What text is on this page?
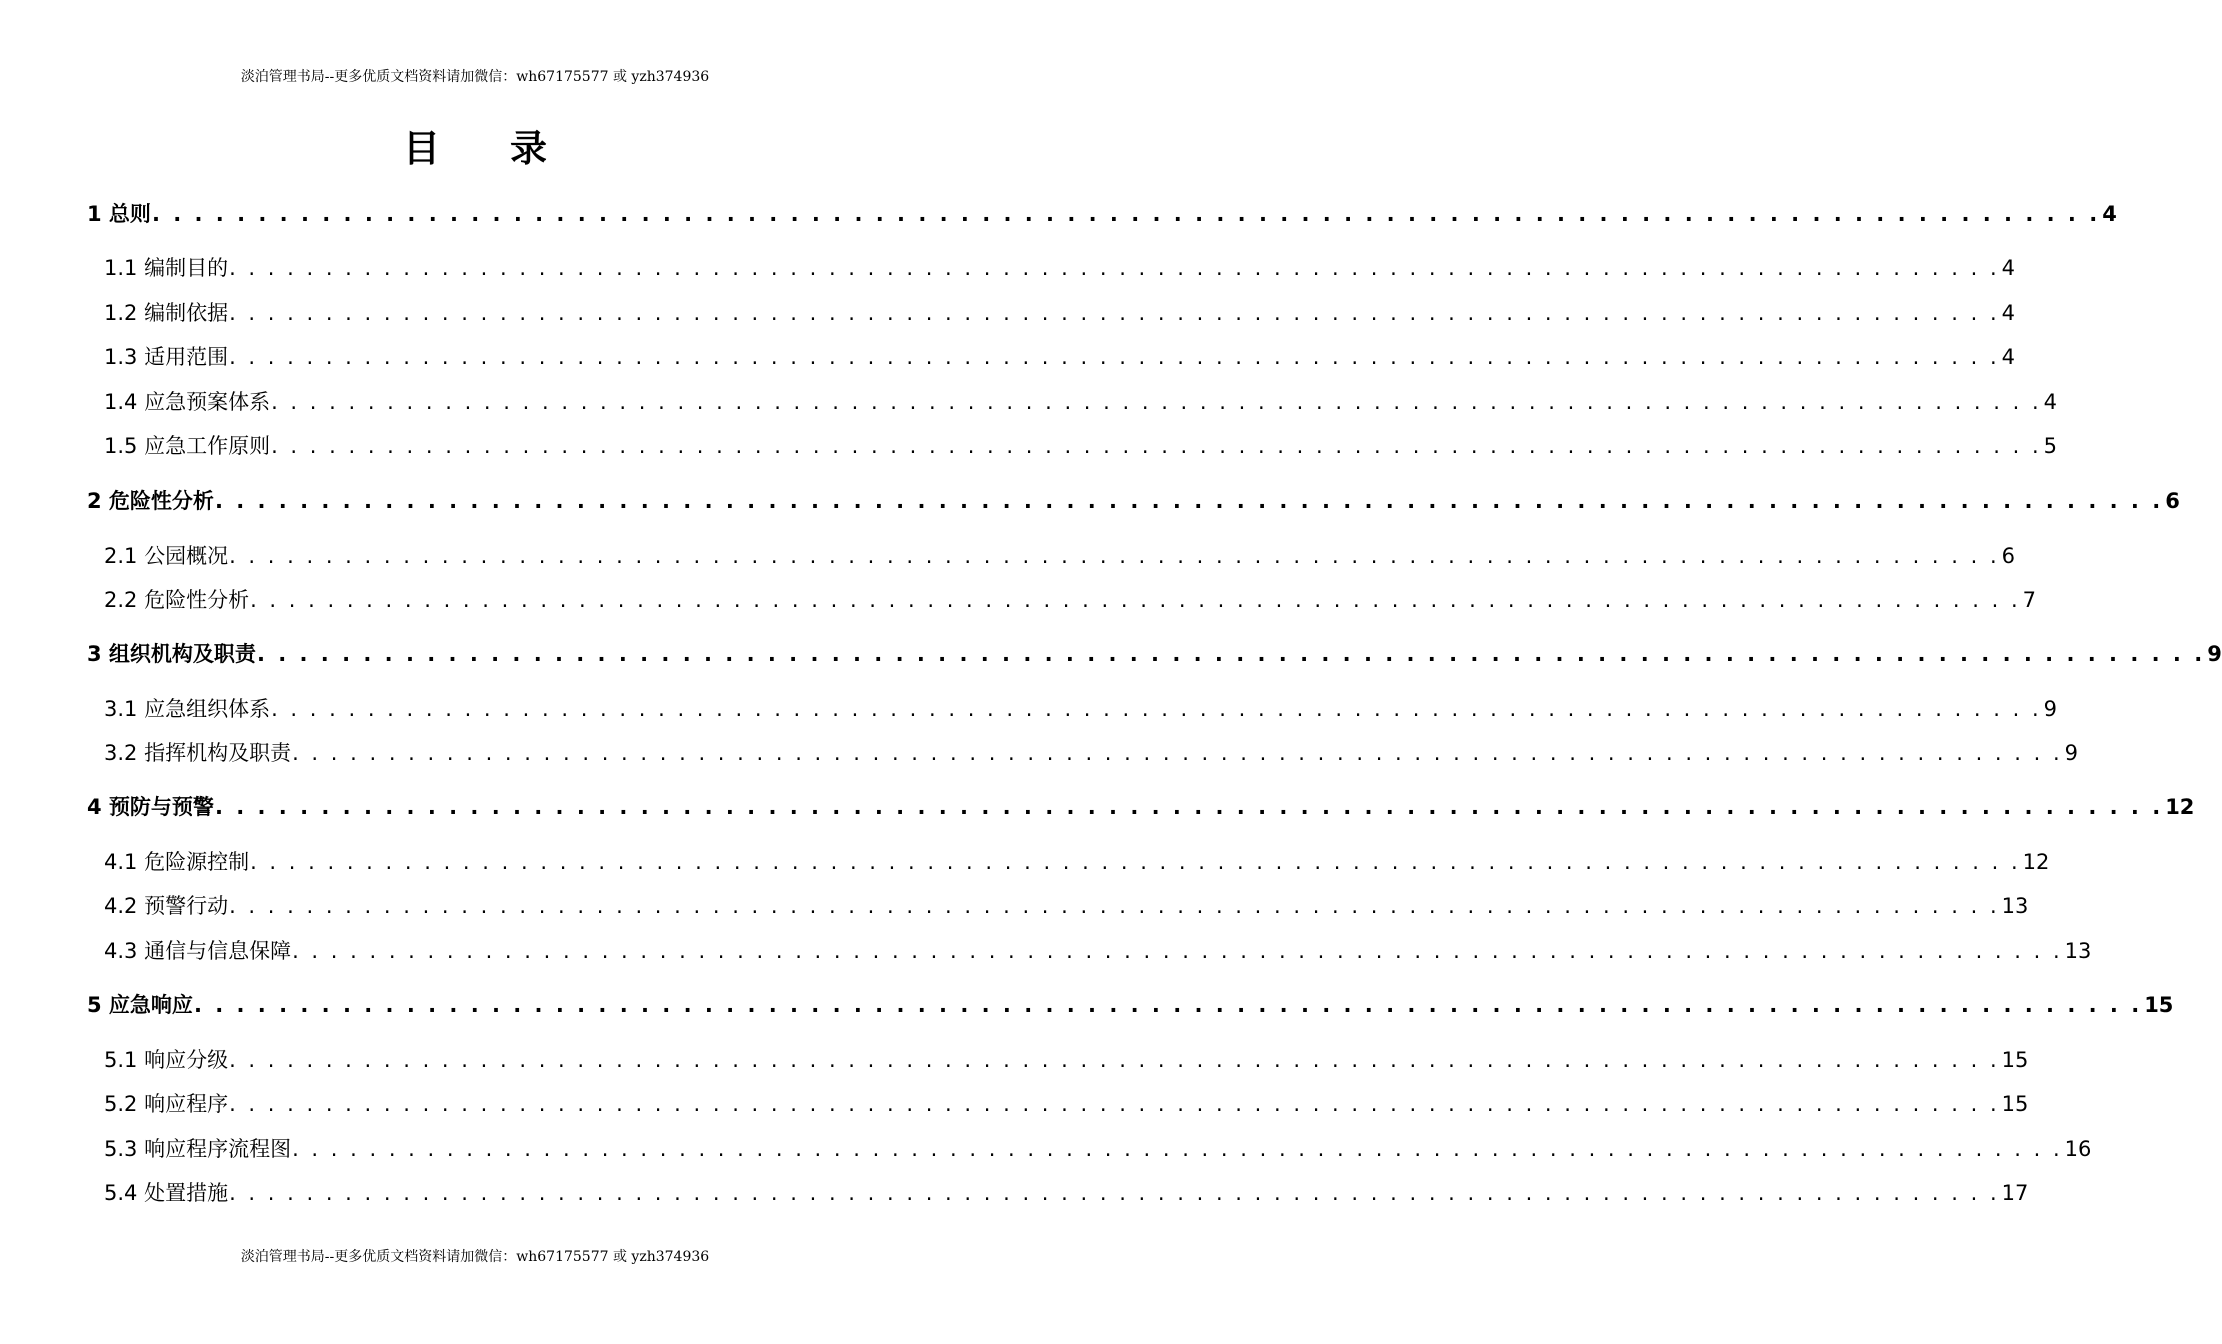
淡泊管理书局--更多优质文档资料请加微信：wh67175577 或 yzh374936
目录
1 总则 . . . . . . . . . . . . . . . . . . . . . . . . . . . . . . . . . . . . . . . . . . . . . . . . . . . . . . . . . . . . . . . . . . . . . . . . . . . . . . . . . . . . . . . . . . . . 4
1.1 编制目的 . . . . . . . . . . . . . . . . . . . . . . . . . . . . . . . . . . . . . . . . . . . . . . . . . . . . . . . . . . . . . . . . . . . . . . . . . . . . . . . . . . . . . . . . . . . . 4
1.2 编制依据 . . . . . . . . . . . . . . . . . . . . . . . . . . . . . . . . . . . . . . . . . . . . . . . . . . . . . . . . . . . . . . . . . . . . . . . . . . . . . . . . . . . . . . . . . . . . 4
1.3 适用范围 . . . . . . . . . . . . . . . . . . . . . . . . . . . . . . . . . . . . . . . . . . . . . . . . . . . . . . . . . . . . . . . . . . . . . . . . . . . . . . . . . . . . . . . . . . . . 4
1.4 应急预案体系 . . . . . . . . . . . . . . . . . . . . . . . . . . . . . . . . . . . . . . . . . . . . . . . . . . . . . . . . . . . . . . . . . . . . . . . . . . . . . . . . . . . . . . . . . . . . 4
1.5 应急工作原则 . . . . . . . . . . . . . . . . . . . . . . . . . . . . . . . . . . . . . . . . . . . . . . . . . . . . . . . . . . . . . . . . . . . . . . . . . . . . . . . . . . . . . . . . . . . . 5
2 危险性分析 . . . . . . . . . . . . . . . . . . . . . . . . . . . . . . . . . . . . . . . . . . . . . . . . . . . . . . . . . . . . . . . . . . . . . . . . . . . . . . . . . . . . . . . . . . . . 6
2.1 公园概况 . . . . . . . . . . . . . . . . . . . . . . . . . . . . . . . . . . . . . . . . . . . . . . . . . . . . . . . . . . . . . . . . . . . . . . . . . . . . . . . . . . . . . . . . . . . . 6
2.2 危险性分析 . . . . . . . . . . . . . . . . . . . . . . . . . . . . . . . . . . . . . . . . . . . . . . . . . . . . . . . . . . . . . . . . . . . . . . . . . . . . . . . . . . . . . . . . . . . . 7
3 组织机构及职责 . . . . . . . . . . . . . . . . . . . . . . . . . . . . . . . . . . . . . . . . . . . . . . . . . . . . . . . . . . . . . . . . . . . . . . . . . . . . . . . . . . . . . . . . . . . . 9
3.1 应急组织体系 . . . . . . . . . . . . . . . . . . . . . . . . . . . . . . . . . . . . . . . . . . . . . . . . . . . . . . . . . . . . . . . . . . . . . . . . . . . . . . . . . . . . . . . . . . . . 9
3.2 指挥机构及职责 . . . . . . . . . . . . . . . . . . . . . . . . . . . . . . . . . . . . . . . . . . . . . . . . . . . . . . . . . . . . . . . . . . . . . . . . . . . . . . . . . . . . . . . . . . . . 9
4 预防与预警 . . . . . . . . . . . . . . . . . . . . . . . . . . . . . . . . . . . . . . . . . . . . . . . . . . . . . . . . . . . . . . . . . . . . . . . . . . . . . . . . . . . . . . . . . . . . 12
4.1 危险源控制 . . . . . . . . . . . . . . . . . . . . . . . . . . . . . . . . . . . . . . . . . . . . . . . . . . . . . . . . . . . . . . . . . . . . . . . . . . . . . . . . . . . . . . . . . . . . 12
4.2 预警行动 . . . . . . . . . . . . . . . . . . . . . . . . . . . . . . . . . . . . . . . . . . . . . . . . . . . . . . . . . . . . . . . . . . . . . . . . . . . . . . . . . . . . . . . . . . . . 13
4.3 通信与信息保障 . . . . . . . . . . . . . . . . . . . . . . . . . . . . . . . . . . . . . . . . . . . . . . . . . . . . . . . . . . . . . . . . . . . . . . . . . . . . . . . . . . . . . . . . . . . . 13
5 应急响应 . . . . . . . . . . . . . . . . . . . . . . . . . . . . . . . . . . . . . . . . . . . . . . . . . . . . . . . . . . . . . . . . . . . . . . . . . . . . . . . . . . . . . . . . . . . . 15
5.1 响应分级 . . . . . . . . . . . . . . . . . . . . . . . . . . . . . . . . . . . . . . . . . . . . . . . . . . . . . . . . . . . . . . . . . . . . . . . . . . . . . . . . . . . . . . . . . . . . 15
5.2 响应程序 . . . . . . . . . . . . . . . . . . . . . . . . . . . . . . . . . . . . . . . . . . . . . . . . . . . . . . . . . . . . . . . . . . . . . . . . . . . . . . . . . . . . . . . . . . . . 15
5.3 响应程序流程图 . . . . . . . . . . . . . . . . . . . . . . . . . . . . . . . . . . . . . . . . . . . . . . . . . . . . . . . . . . . . . . . . . . . . . . . . . . . . . . . . . . . . . . . . . . . . 16
5.4 处置措施 . . . . . . . . . . . . . . . . . . . . . . . . . . . . . . . . . . . . . . . . . . . . . . . . . . . . . . . . . . . . . . . . . . . . . . . . . . . . . . . . . . . . . . . . . . . . 17
淡泊管理书局--更多优质文档资料请加微信：wh67175577 或 yzh374936
